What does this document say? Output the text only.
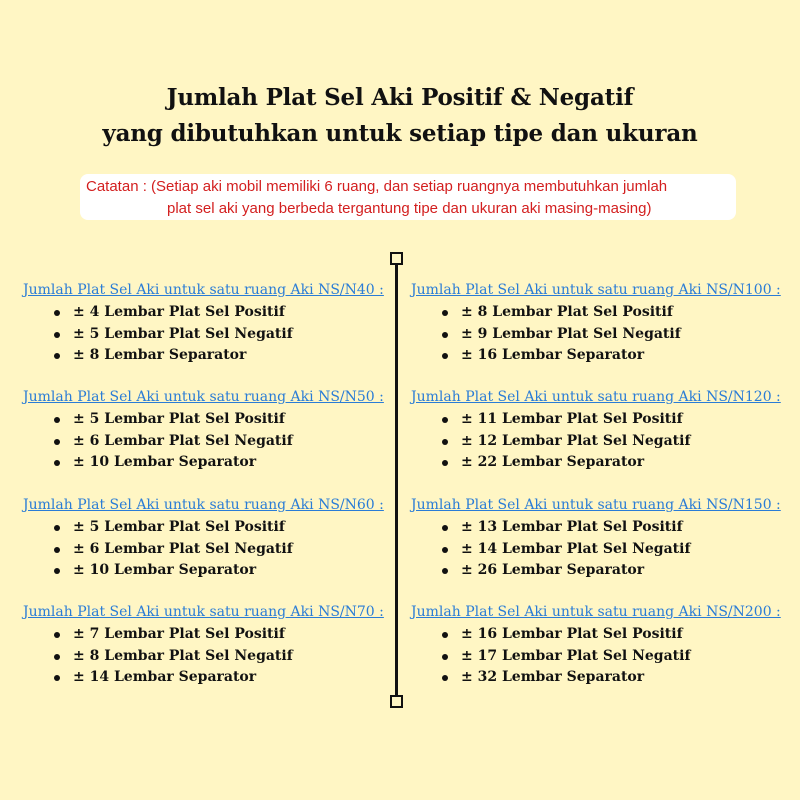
Jumlah Plat Sel Aki Positif & Negatif
yang dibutuhkan untuk setiap tipe dan ukuran
Catatan : (Setiap aki mobil memiliki 6 ruang, dan setiap ruangnya membutuhkan jumlah
plat sel aki yang berbeda tergantung tipe dan ukuran aki masing-masing)
Jumlah Plat Sel Aki untuk satu ruang Aki NS/N40 :
± 4 Lembar Plat Sel Positif
± 5 Lembar Plat Sel Negatif
± 8 Lembar Separator
Jumlah Plat Sel Aki untuk satu ruang Aki NS/N50 :
± 5 Lembar Plat Sel Positif
± 6 Lembar Plat Sel Negatif
± 10 Lembar Separator
Jumlah Plat Sel Aki untuk satu ruang Aki NS/N60 :
± 5 Lembar Plat Sel Positif
± 6 Lembar Plat Sel Negatif
± 10 Lembar Separator
Jumlah Plat Sel Aki untuk satu ruang Aki NS/N70 :
± 7 Lembar Plat Sel Positif
± 8 Lembar Plat Sel Negatif
± 14 Lembar Separator
Jumlah Plat Sel Aki untuk satu ruang Aki NS/N100 :
± 8 Lembar Plat Sel Positif
± 9 Lembar Plat Sel Negatif
± 16 Lembar Separator
Jumlah Plat Sel Aki untuk satu ruang Aki NS/N120 :
± 11 Lembar Plat Sel Positif
± 12 Lembar Plat Sel Negatif
± 22 Lembar Separator
Jumlah Plat Sel Aki untuk satu ruang Aki NS/N150 :
± 13 Lembar Plat Sel Positif
± 14 Lembar Plat Sel Negatif
± 26 Lembar Separator
Jumlah Plat Sel Aki untuk satu ruang Aki NS/N200 :
± 16 Lembar Plat Sel Positif
± 17 Lembar Plat Sel Negatif
± 32 Lembar Separator
